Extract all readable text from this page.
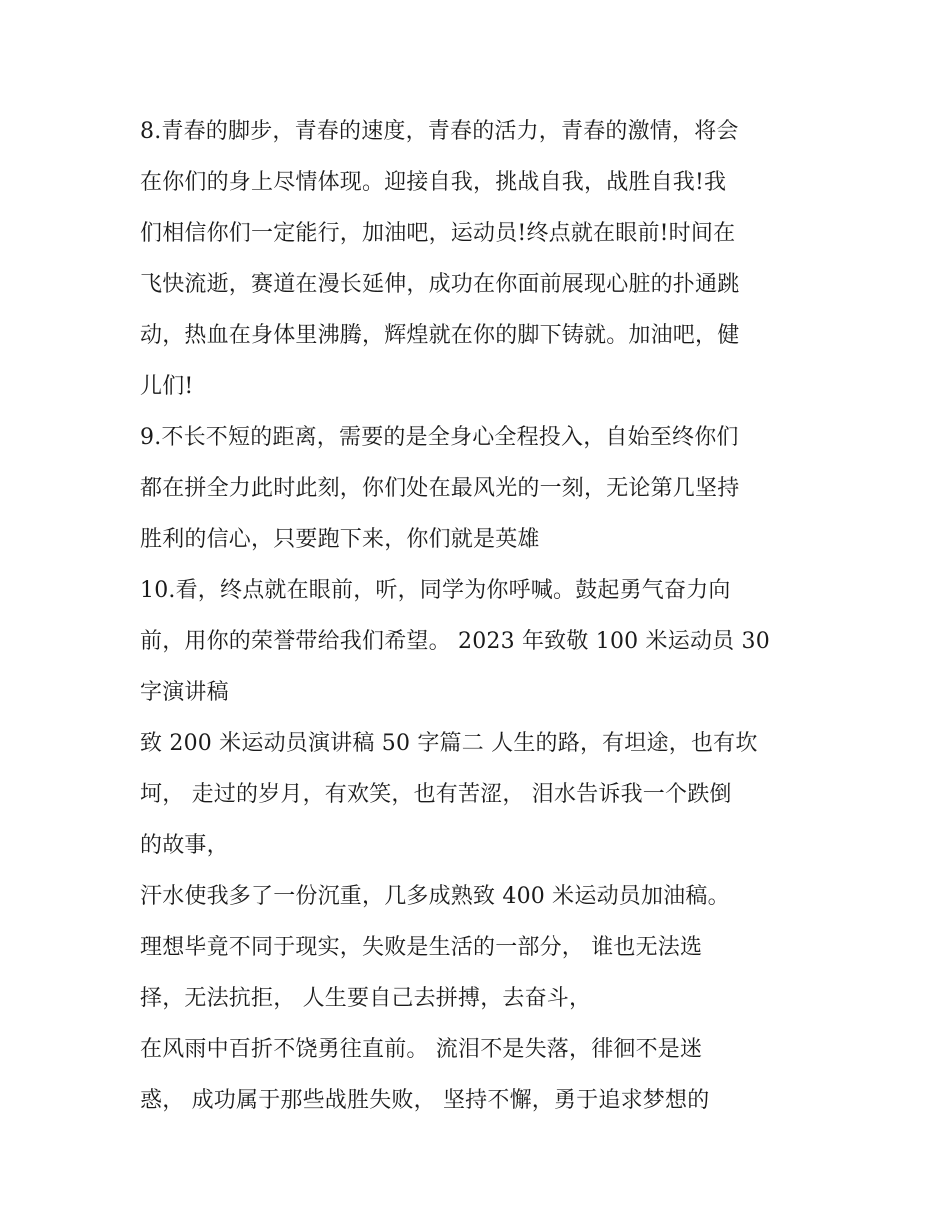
8.青春的脚步，青春的速度，青春的活力，青春的激情，将会
在你们的身上尽情体现。迎接自我，挑战自我，战胜自我!我
们相信你们一定能行，加油吧，运动员!终点就在眼前!时间在
飞快流逝，赛道在漫长延伸，成功在你面前展现心脏的扑通跳
动，热血在身体里沸腾，辉煌就在你的脚下铸就。加油吧，健
儿们!
9.不长不短的距离，需要的是全身心全程投入，自始至终你们
都在拼全力此时此刻，你们处在最风光的一刻，无论第几坚持
胜利的信心，只要跑下来，你们就是英雄
10.看，终点就在眼前，听，同学为你呼喊。鼓起勇气奋力向
前，用你的荣誉带给我们希望。 2023 年致敬 100 米运动员 30
字演讲稿
致 200 米运动员演讲稿 50 字篇二 人生的路，有坦途，也有坎
坷， 走过的岁月，有欢笑，也有苦涩， 泪水告诉我一个跌倒
的故事，
汗水使我多了一份沉重，几多成熟致 400 米运动员加油稿。
理想毕竟不同于现实，失败是生活的一部分， 谁也无法选
择，无法抗拒， 人生要自己去拼搏，去奋斗，
在风雨中百折不饶勇往直前。 流泪不是失落，徘徊不是迷
惑， 成功属于那些战胜失败， 坚持不懈，勇于追求梦想的
